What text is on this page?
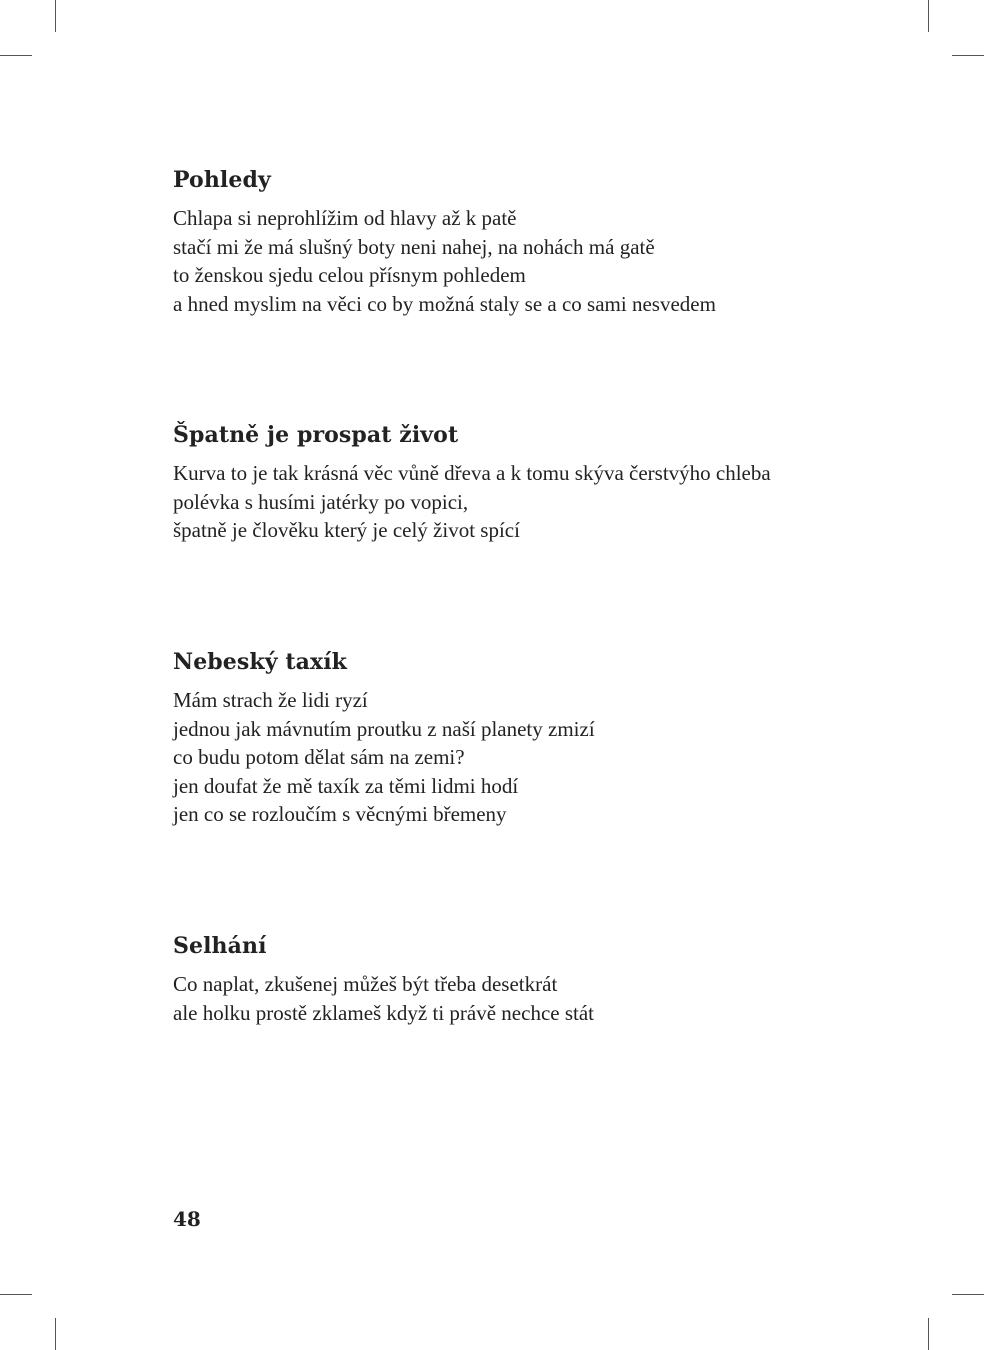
Pohledy
Chlapa si neprohlížim od hlavy až k patě
stačí mi že má slušný boty neni nahej, na nohách má gatě
to ženskou sjedu celou přísnym pohledem
a hned myslim na věci co by možná staly se a co sami nesvedem
Špatně je prospat život
Kurva to je tak krásná věc vůně dřeva a k tomu skýva čerstvýho chleba
polévka s husími jatérky po vopici,
špatně je člověku který je celý život spící
Nebeský taxík
Mám strach že lidi ryzí
jednou jak mávnutím proutku z naší planety zmizí
co budu potom dělat sám na zemi?
jen doufat že mě taxík za těmi lidmi hodí
jen co se rozloučím s věcnými břemeny
Selhání
Co naplat, zkušenej můžeš být třeba desetkrát
ale holku prostě zklameš když ti právě nechce stát
48
